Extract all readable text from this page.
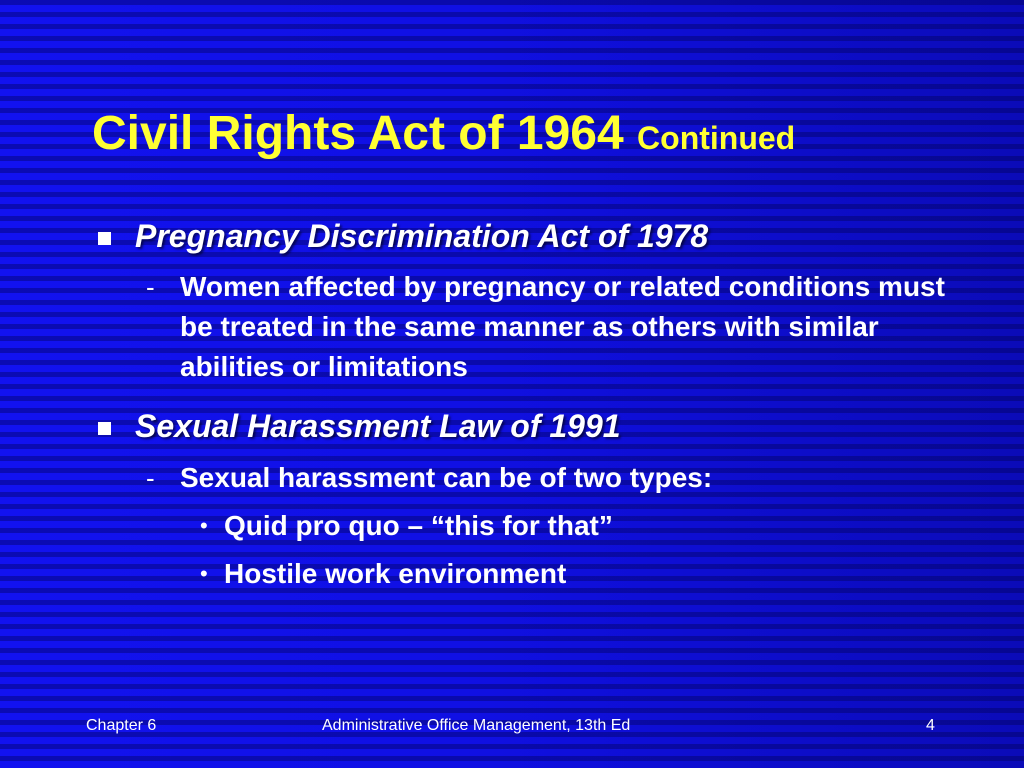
Civil Rights Act of 1964 Continued
Pregnancy Discrimination Act of 1978
- Women affected by pregnancy or related conditions must be treated in the same manner as others with similar abilities or limitations
Sexual Harassment Law of 1991
- Sexual harassment can be of two types:
• Quid pro quo – “this for that”
• Hostile work environment
Chapter 6	Administrative Office Management, 13th Ed	4
